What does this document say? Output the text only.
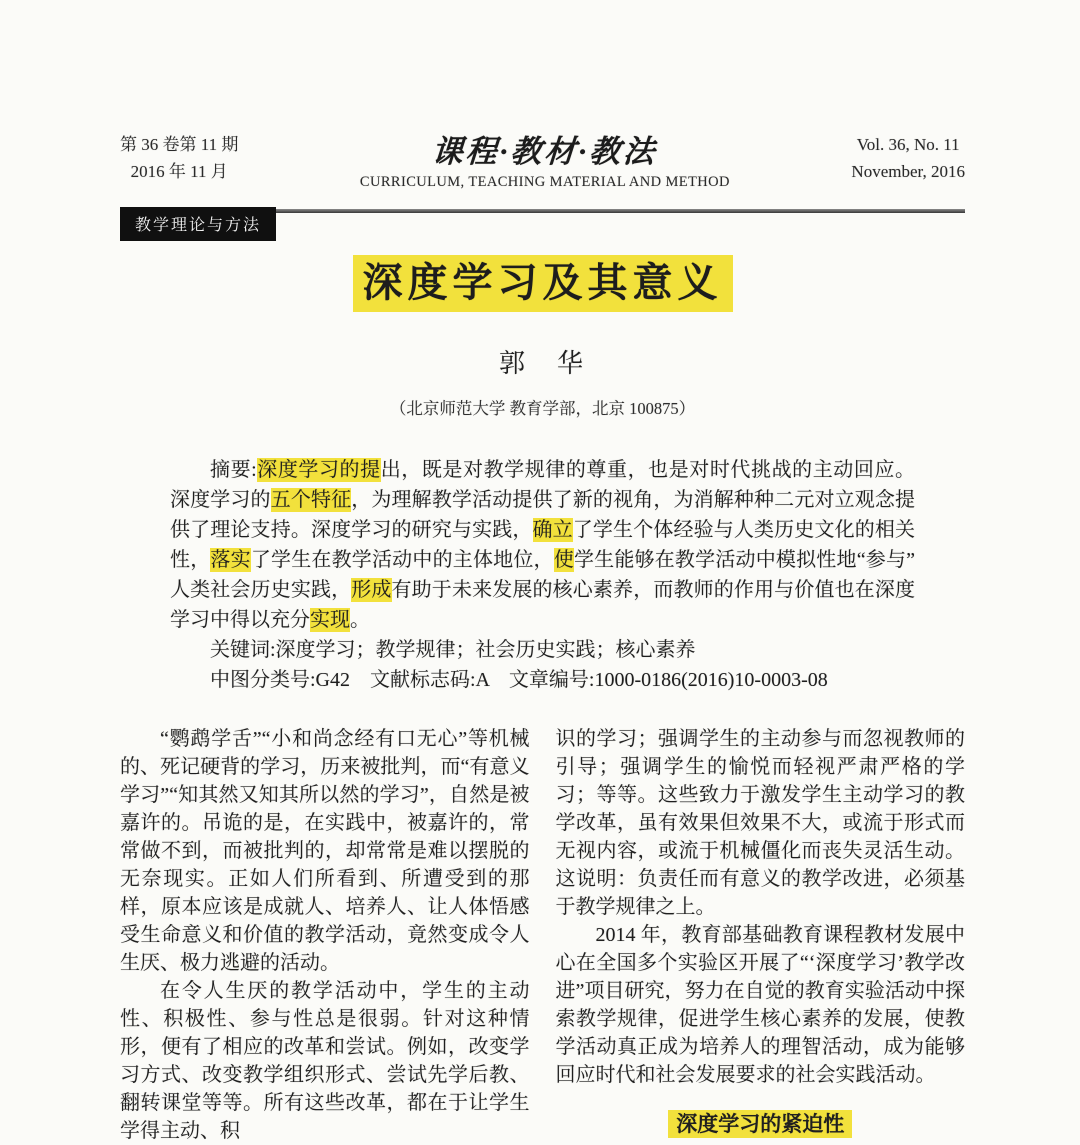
第 36 卷第 11 期
2016 年 11 月
课程·教材·教法
CURRICULUM, TEACHING MATERIAL AND METHOD
Vol. 36, No. 11
November, 2016
教学理论与方法
深度学习及其意义
郭　华
（北京师范大学 教育学部，北京 100875）

摘要:深度学习的提出，既是对教学规律的尊重，也是对时代挑战的主动回应。深度学习的五个特征，为理解教学活动提供了新的视角，为消解种种二元对立观念提供了理论支持。深度学习的研究与实践，确立了学生个体经验与人类历史文化的相关性，落实了学生在教学活动中的主体地位，使学生能够在教学活动中模拟性地“参与”人类社会历史实践，形成有助于未来发展的核心素养，而教师的作用与价值也在深度学习中得以充分实现。

关键词:深度学习；教学规律；社会历史实践；核心素养

中图分类号:G42　文献标志码:A　文章编号:1000-0186(2016)10-0003-08

“鹦鹉学舌”“小和尚念经有口无心”等机械的、死记硬背的学习，历来被批判，而“有意义学习”“知其然又知其所以然的学习”，自然是被嘉许的。吊诡的是，在实践中，被嘉许的，常常做不到，而被批判的，却常常是难以摆脱的无奈现实。正如人们所看到、所遭受到的那样，原本应该是成就人、培养人、让人体悟感受生命意义和价值的教学活动，竟然变成令人生厌、极力逃避的活动。

在令人生厌的教学活动中，学生的主动性、积极性、参与性总是很弱。针对这种情形，便有了相应的改革和尝试。例如，改变学习方式、改变教学组织形式、尝试先学后教、翻转课堂等等。所有这些改革，都在于让学生学得主动、积

识的学习；强调学生的主动参与而忽视教师的引导；强调学生的愉悦而轻视严肃严格的学习；等等。这些致力于激发学生主动学习的教学改革，虽有效果但效果不大，或流于形式而无视内容，或流于机械僵化而丧失灵活生动。这说明：负责任而有意义的教学改进，必须基于教学规律之上。

2014 年，教育部基础教育课程教材发展中心在全国多个实验区开展了“‘深度学习’教学改进”项目研究，努力在自觉的教育实验活动中探索教学规律，促进学生核心素养的发展，使教学活动真正成为培养人的理智活动，成为能够回应时代和社会发展要求的社会实践活动。

深度学习的紧迫性
